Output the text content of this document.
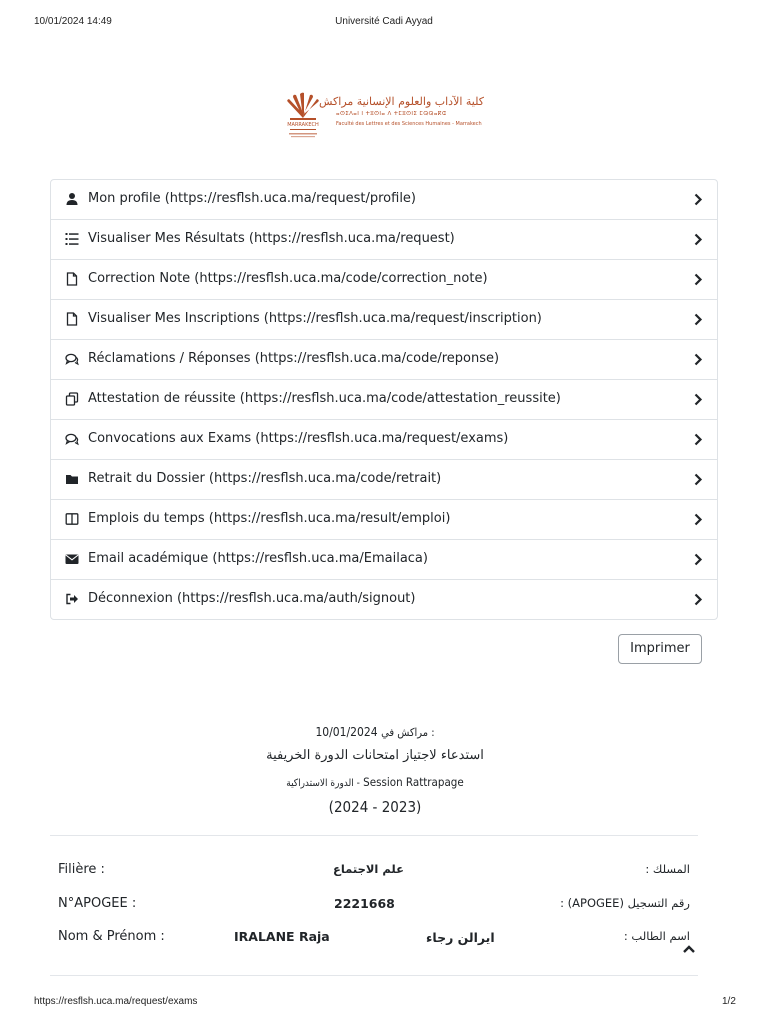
10/01/2024 14:49	Université Cadi Ayyad
MARRAKECH
كلية الآداب والعلوم الإنسانية مراكش
ⴰⵙⵉⴷⴰⵏ ⵏ ⵜⵓⵙⵏⴰ ⴷ ⵜⵎⵓⵙⵏⵉ ⵎⵕⵕⴰⴽⵛ
Faculté des Lettres et des Sciences Humaines - Marrakech
Mon profile (https://resflsh.uca.ma/request/profile)
Visualiser Mes Résultats (https://resflsh.uca.ma/request)
Correction Note (https://resflsh.uca.ma/code/correction_note)
Visualiser Mes Inscriptions (https://resflsh.uca.ma/request/inscription)
Réclamations / Réponses (https://resflsh.uca.ma/code/reponse)
Attestation de réussite (https://resflsh.uca.ma/code/attestation_reussite)
Convocations aux Exams (https://resflsh.uca.ma/request/exams)
Retrait du Dossier (https://resflsh.uca.ma/code/retrait)
Emplois du temps (https://resflsh.uca.ma/result/emploi)
Email académique (https://resflsh.uca.ma/Emailaca)
Déconnexion (https://resflsh.uca.ma/auth/signout)
Imprimer
10/01/2024 مراكش في :
استدعاء لاجتياز امتحانات الدورة الخريفية
الدورة الاستدراكية - Session Rattrapage
(2024 - 2023)
Filière :	علم الاجتماع	المسلك :
N°APOGEE :	2221668	رقم التسجيل (APOGEE) :
Nom & Prénom :	IRALANE Raja	ايرالن رجاء	اسم الطالب :
https://resflsh.uca.ma/request/exams	1/2
